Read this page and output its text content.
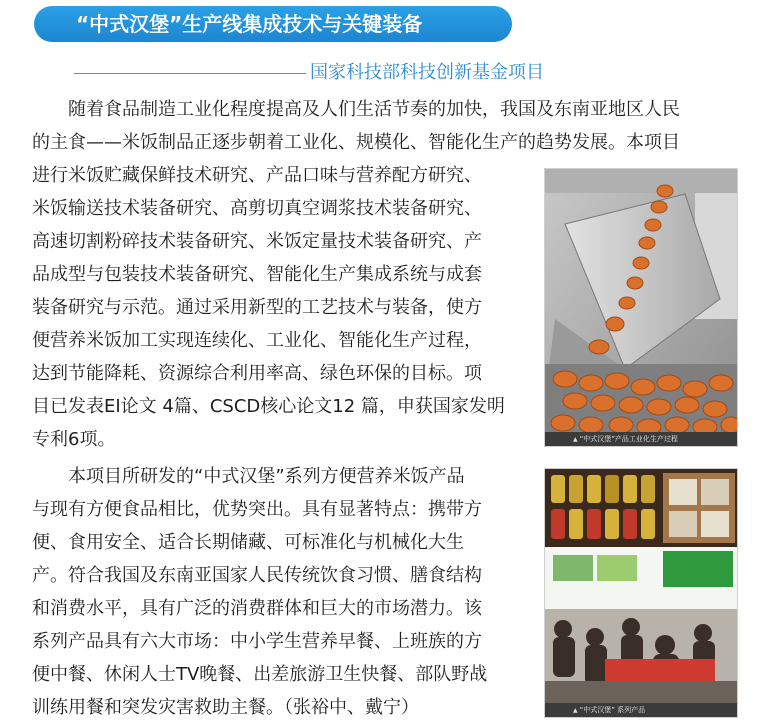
“中式汉堡”生产线集成技术与关键装备
国家科技部科技创新基金项目
随着食品制造工业化程度提高及人们生活节奏的加快，我国及东南亚地区人民
的主食——米饭制品正逐步朝着工业化、规模化、智能化生产的趋势发展。本项目
进行米饭贮藏保鲜技术研究、产品口味与营养配方研究、
米饭输送技术装备研究、高剪切真空调浆技术装备研究、
高速切割粉碎技术装备研究、米饭定量技术装备研究、产
品成型与包装技术装备研究、智能化生产集成系统与成套
装备研究与示范。通过采用新型的工艺技术与装备，使方
便营养米饭加工实现连续化、工业化、智能化生产过程，
达到节能降耗、资源综合利用率高、绿色环保的目标。项
目已发表EI论文 4篇、CSCD核心论文12 篇，申获国家发明
专利6项。
本项目所研发的“中式汉堡”系列方便营养米饭产品
与现有方便食品相比，优势突出。具有显著特点：携带方
便、食用安全、适合长期储藏、可标准化与机械化大生
产。符合我国及东南亚国家人民传统饮食习惯、膳食结构
和消费水平，具有广泛的消费群体和巨大的市场潜力。该
系列产品具有六大市场：中小学生营养早餐、上班族的方
便中餐、休闲人士TV晚餐、出差旅游卫生快餐、部队野战
训练用餐和突发灾害救助主餐。（张裕中、戴宁）
▲ “中式汉堡”产品工业化生产过程
▲ “中式汉堡” 系列产品
